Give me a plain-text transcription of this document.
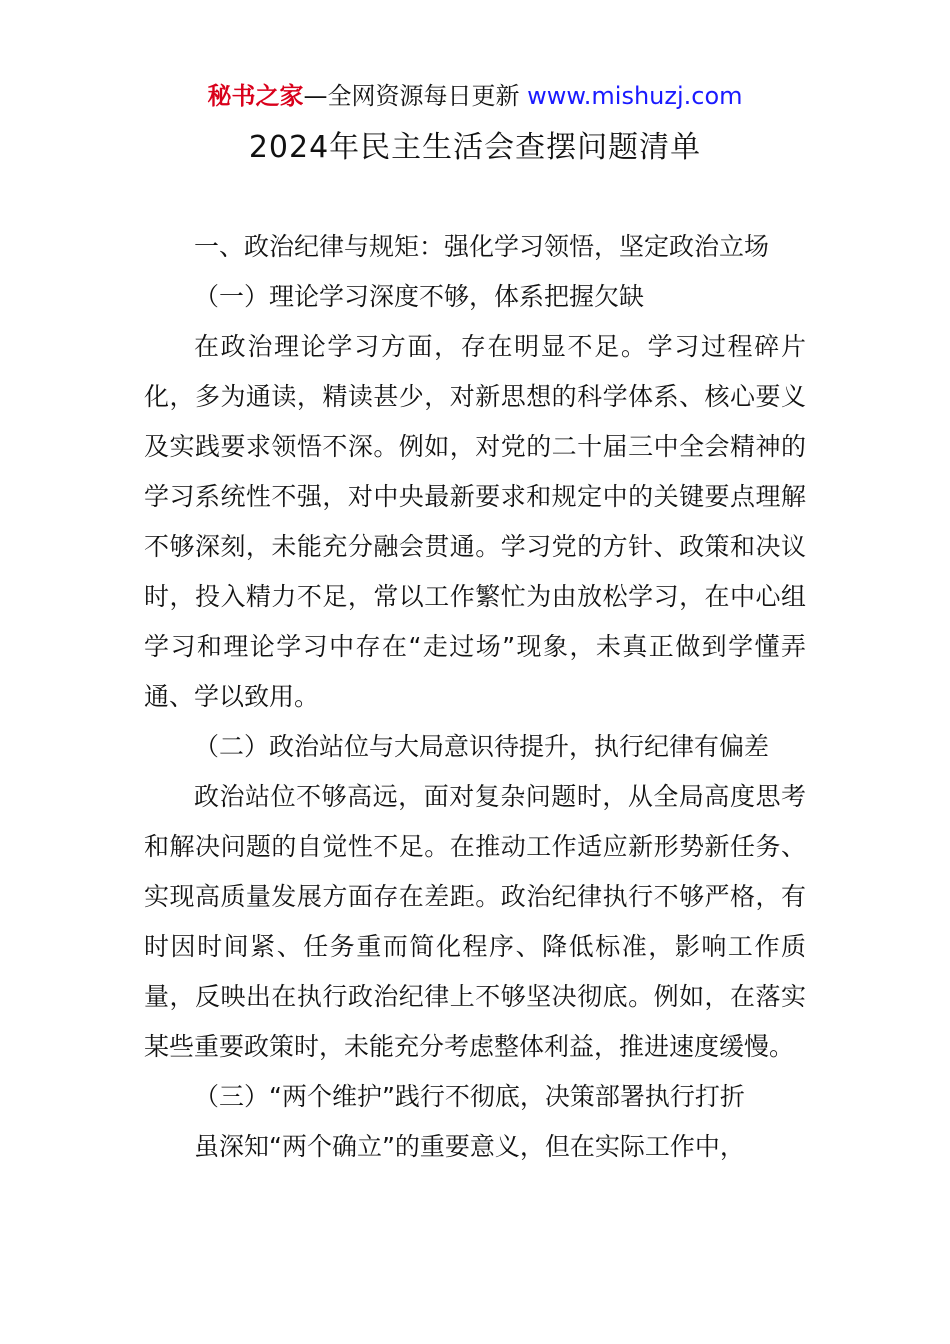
秘书之家—全网资源每日更新 www.mishuzj.com
2024年民主生活会查摆问题清单

一、政治纪律与规矩：强化学习领悟，坚定政治立场

（一）理论学习深度不够，体系把握欠缺

在政治理论学习方面，存在明显不足。学习过程碎片化，多为通读，精读甚少，对新思想的科学体系、核心要义及实践要求领悟不深。例如，对党的二十届三中全会精神的学习系统性不强，对中央最新要求和规定中的关键要点理解不够深刻，未能充分融会贯通。学习党的方针、政策和决议时，投入精力不足，常以工作繁忙为由放松学习，在中心组学习和理论学习中存在“走过场”现象，未真正做到学懂弄通、学以致用。

（二）政治站位与大局意识待提升，执行纪律有偏差

政治站位不够高远，面对复杂问题时，从全局高度思考和解决问题的自觉性不足。在推动工作适应新形势新任务、实现高质量发展方面存在差距。政治纪律执行不够严格，有时因时间紧、任务重而简化程序、降低标准，影响工作质量，反映出在执行政治纪律上不够坚决彻底。例如，在落实某些重要政策时，未能充分考虑整体利益，推进速度缓慢。

（三）“两个维护”践行不彻底，决策部署执行打折

虽深知“两个确立”的重要意义，但在实际工作中，
